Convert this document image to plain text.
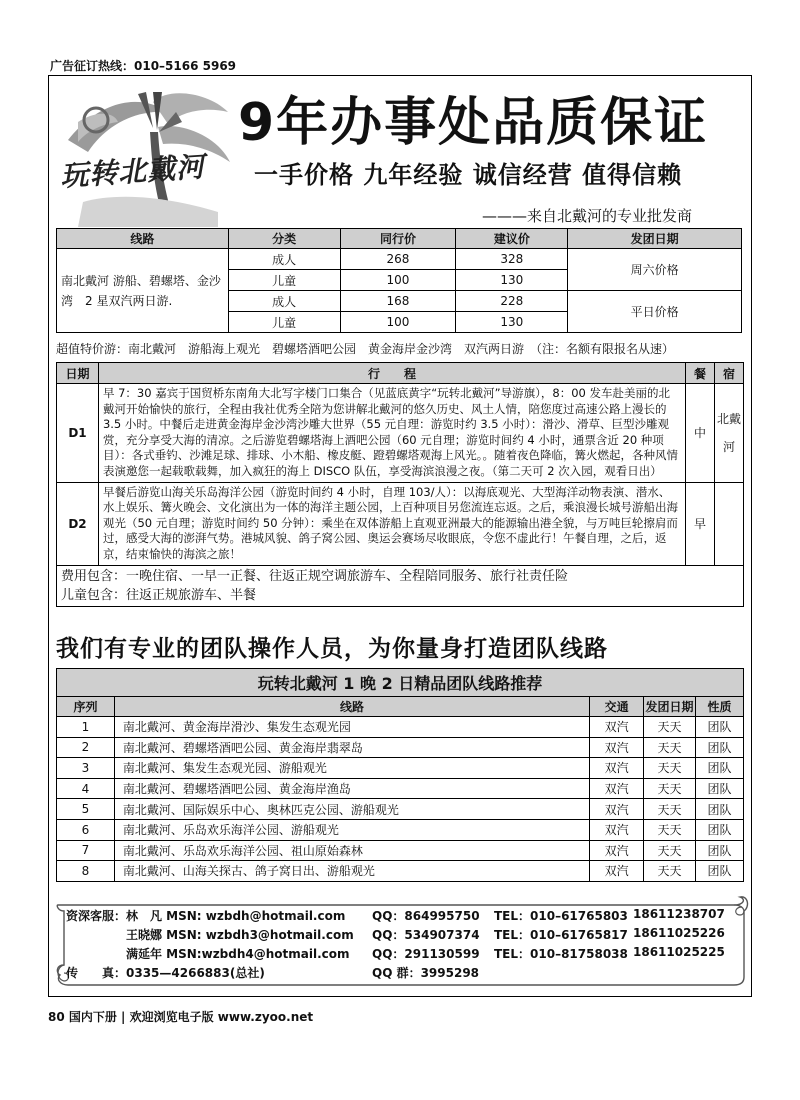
广告征订热线：010–5166 5969
玩转北戴河
9年办事处品质保证
一手价格 九年经验 诚信经营 值得信赖
———来自北戴河的专业批发商
线路	分类	同行价	建议价	发团日期
南北戴河 游船、碧螺塔、金沙湾　2 星双汽两日游.	成人	268	328	周六价格
	儿童	100	130	
	成人	168	228	平日价格
	儿童	100	130	
超值特价游：南北戴河　游船海上观光　碧螺塔酒吧公园　黄金海岸金沙湾　双汽两日游　（注：名额有限报名从速）
日期	行　　程	餐	宿
D1	早 7：30 嘉宾于国贸桥东南角大北写字楼门口集合（见蓝底黄字“玩转北戴河”导游旗），8：00 发车赴美丽的北戴河开始愉快的旅行，全程由我社优秀全陪为您讲解北戴河的悠久历史、风土人情，陪您度过高速公路上漫长的 3.5 小时。中餐后走进黄金海岸金沙湾沙雕大世界（55 元自理：游览时约 3.5 小时）：滑沙、滑草、巨型沙雕观赏，充分享受大海的清凉。之后游览碧螺塔海上酒吧公园（60 元自理；游览时间约 4 小时，通票含近 20 种项目）：各式垂钓、沙滩足球、排球、小木船、橡皮艇、蹬碧螺塔观海上风光。。随着夜色降临，篝火燃起，各种风情表演邀您一起载歌载舞，加入疯狂的海上 DISCO 队伍，享受海滨浪漫之夜。（第二天可 2 次入园，观看日出）	中	北戴河
D2	早餐后游览山海关乐岛海洋公园（游览时间约 4 小时，自理 103/人）：以海底观光、大型海洋动物表演、潜水、水上娱乐、篝火晚会、文化演出为一体的海洋主题公园，上百种项目另您流连忘返。之后，乘浪漫长城号游船出海观光（50 元自理；游览时间约 50 分钟）：乘坐在双体游船上直观亚洲最大的能源输出港全貌，与万吨巨轮擦肩而过，感受大海的澎湃气势。港城风貌、鸽子窝公园、奥运会赛场尽收眼底，令您不虚此行！午餐自理，之后，返京，结束愉快的海滨之旅！	早	

费用包含：一晚住宿、一早一正餐、往返正规空调旅游车、全程陪同服务、旅行社责任险
儿童包含：往返正规旅游车、半餐			
我们有专业的团队操作人员，为你量身打造团队线路
玩转北戴河 1 晚 2 日精品团队线路推荐				
序列	线路	交通	发团日期	性质
1	南北戴河、黄金海岸滑沙、集发生态观光园	双汽	天天	团队
2	南北戴河、碧螺塔酒吧公园、黄金海岸翡翠岛	双汽	天天	团队
3	南北戴河、集发生态观光园、游船观光	双汽	天天	团队
4	南北戴河、碧螺塔酒吧公园、黄金海岸渔岛	双汽	天天	团队
5	南北戴河、国际娱乐中心、奥林匹克公园、游船观光	双汽	天天	团队
6	南北戴河、乐岛欢乐海洋公园、游船观光	双汽	天天	团队
7	南北戴河、乐岛欢乐海洋公园、祖山原始森林	双汽	天天	团队
8	南北戴河、山海关探古、鸽子窝日出、游船观光	双汽	天天	团队
资深客服：林　凡 MSN: wzbdh@hotmail.com QQ：864995750 TEL：010–61765803 18611238707
　　　　　王晓娜 MSN: wzbdh3@hotmail.com QQ：534907374 TEL：010–61765817 18611025226
　　　　　满延年 MSN:wzbdh4@hotmail.com QQ：291130599 TEL：010–81758038 18611025225
传　　真：0335—4266883(总社)	QQ 群：3995298
80 国内下册 | 欢迎浏览电子版 www.zyoo.net
